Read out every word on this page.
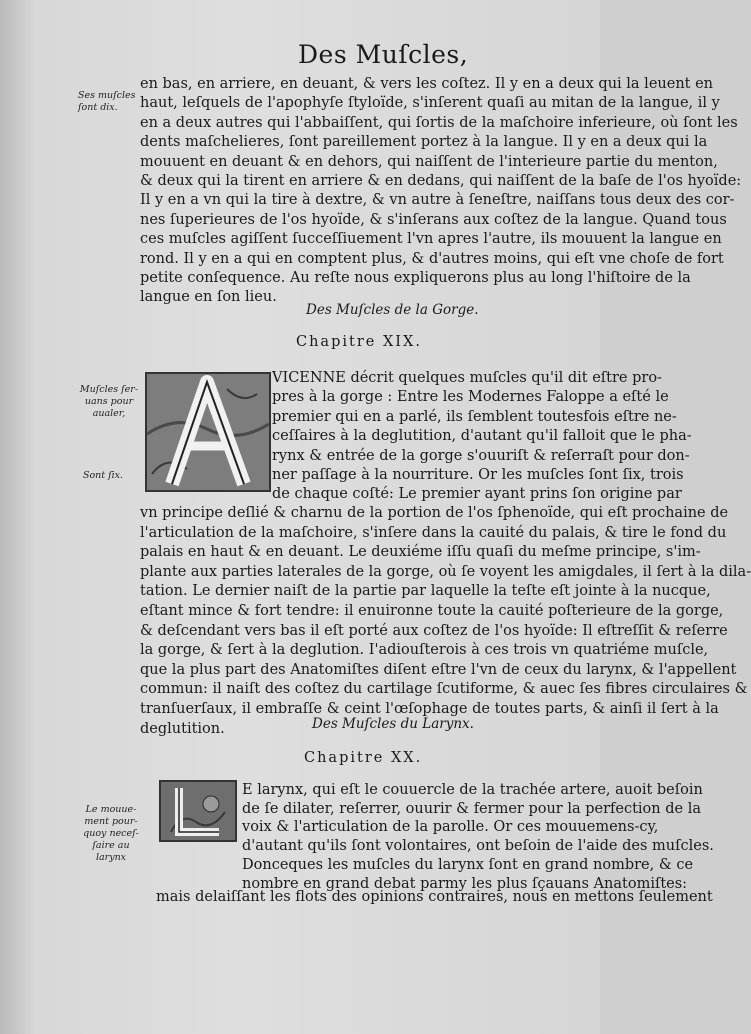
Des Muſcles,
Ses muſcles
ſont dix.
Muſcles ſer-
uans pour
aualer,
Sont ſix.
Le mouue-
ment pour-
quoy neceſ-
ſaire au larynx
en bas, en arriere, en deuant, & vers les coſtez. Il y en a deux qui la leuent en
haut, leſquels de l'apophyſe ſtyloïde, s'inſerent quaſi au mitan de la langue, il y
en a deux autres qui l'abbaiſſent, qui ſortis de la maſchoire inferieure, où ſont les
dents maſchelieres, ſont pareillement portez à la langue. Il y en a deux qui la
mouuent en deuant & en dehors, qui naiſſent de l'interieure partie du menton,
& deux qui la tirent en arriere & en dedans, qui naiſſent de la baſe de l'os hyoïde:
Il y en a vn qui la tire à dextre, & vn autre à ſeneſtre, naiſſans tous deux des cor-
nes ſuperieures de l'os hyoïde, & s'inſerans aux coſtez de la langue. Quand tous
ces muſcles agiſſent ſucceſſiuement l'vn apres l'autre, ils mouuent la langue en
rond. Il y en a qui en comptent plus, & d'autres moins, qui eſt vne choſe de fort
petite conſequence. Au reſte nous expliquerons plus au long l'hiſtoire de la
langue en ſon lieu.
Des Muſcles de la Gorge.
Chapitre XIX.
VICENNE décrit quelques muſcles qu'il dit eſtre pro-
pres à la gorge : Entre les Modernes Faloppe a eſté le
premier qui en a parlé, ils ſemblent toutesfois eſtre ne-
ceſſaires à la deglutition, d'autant qu'il falloit que le pha-
rynx & entrée de la gorge s'ouuriſt & reſerraſt pour don-
ner paſſage à la nourriture. Or les muſcles ſont ſix, trois
de chaque coſté: Le premier ayant prins ſon origine par
vn principe deſlié & charnu de la portion de l'os ſphenoïde, qui eſt prochaine de
l'articulation de la maſchoire, s'inſere dans la cauité du palais, & tire le fond du
palais en haut & en deuant. Le deuxiéme iſſu quaſi du meſme principe, s'im-
plante aux parties laterales de la gorge, où ſe voyent les amigdales, il ſert à la dila-
tation. Le dernier naiſt de la partie par laquelle la teſte eſt jointe à la nucque,
eſtant mince & fort tendre: il enuironne toute la cauité poſterieure de la gorge,
& deſcendant vers bas il eſt porté aux coſtez de l'os hyoïde: Il eſtreſſit & reſerre
la gorge, & ſert à la deglution. I'adiouſterois à ces trois vn quatriéme muſcle,
que la plus part des Anatomiſtes diſent eſtre l'vn de ceux du larynx, & l'appellent
commun: il naiſt des coſtez du cartilage ſcutiforme, & auec ſes fibres circulaires &
tranſuerſaux, il embraſſe & ceint l'œſophage de toutes parts, & ainſi il ſert à la
deglutition.	Des Muſcles du Larynx.
Chapitre XX.
E larynx, qui eſt le couuercle de la trachée artere, auoit beſoin
de ſe dilater, reſerrer, ouurir & fermer pour la perfection de la
voix & l'articulation de la parolle. Or ces mouuemens-cy,
d'autant qu'ils ſont volontaires, ont beſoin de l'aide des muſcles.
Donceques les muſcles du larynx ſont en grand nombre, & ce
nombre en grand debat parmy les plus ſçauans Anatomiſtes:
mais delaiſſant les flots des opinions contraires, nous en mettons ſeulement
